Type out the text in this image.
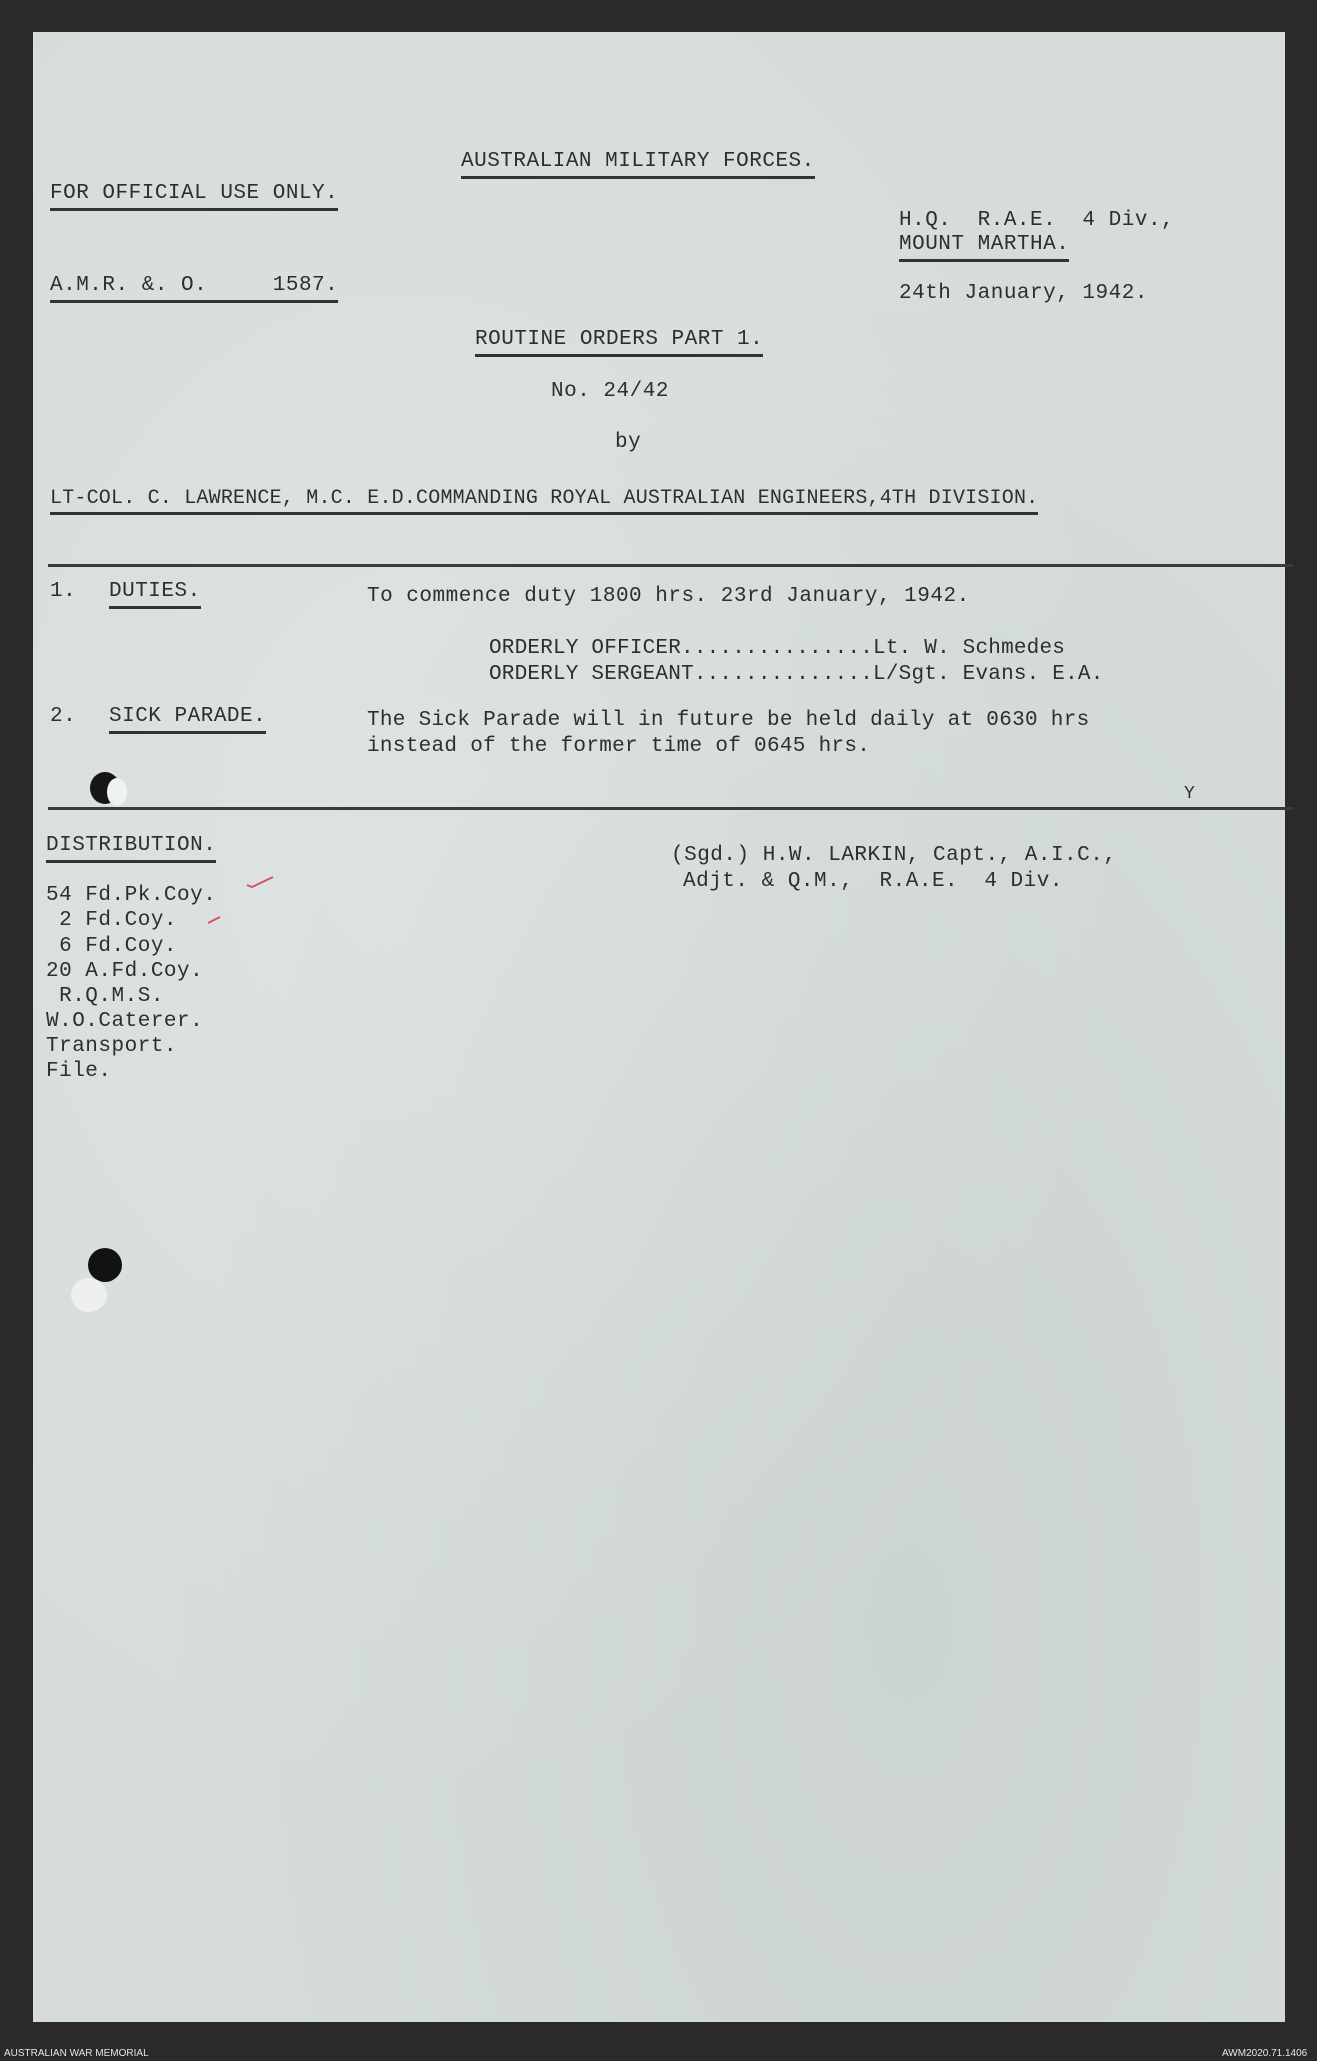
AUSTRALIAN MILITARY FORCES.
FOR OFFICIAL USE ONLY.
H.Q.  R.A.E.  4 Div.,
MOUNT MARTHA.
A.M.R. &. O.     1587.	24th January, 1942.
ROUTINE ORDERS PART 1.
No. 24/42
by
LT-COL. C. LAWRENCE, M.C. E.D.COMMANDING ROYAL AUSTRALIAN ENGINEERS,4TH DIVISION.
1. DUTIES.	To commence duty 1800 hrs. 23rd January, 1942.
ORDERLY OFFICER...............Lt. W. Schmedes
ORDERLY SERGEANT..............L/Sgt. Evans. E.A.
2. SICK PARADE.	The Sick Parade will in future be held daily at 0630 hrs
instead of the former time of 0645 hrs.
Y
DISTRIBUTION.
54 Fd.Pk.Coy.
2 Fd.Coy.
6 Fd.Coy.
20 A.Fd.Coy.
R.Q.M.S.
W.O.Caterer.
Transport.
File.
(Sgd.) H.W. LARKIN, Capt., A.I.C.,
Adjt. & Q.M.,  R.A.E.  4 Div.
AUSTRALIAN WAR MEMORIAL	AWM2020.71.1406
